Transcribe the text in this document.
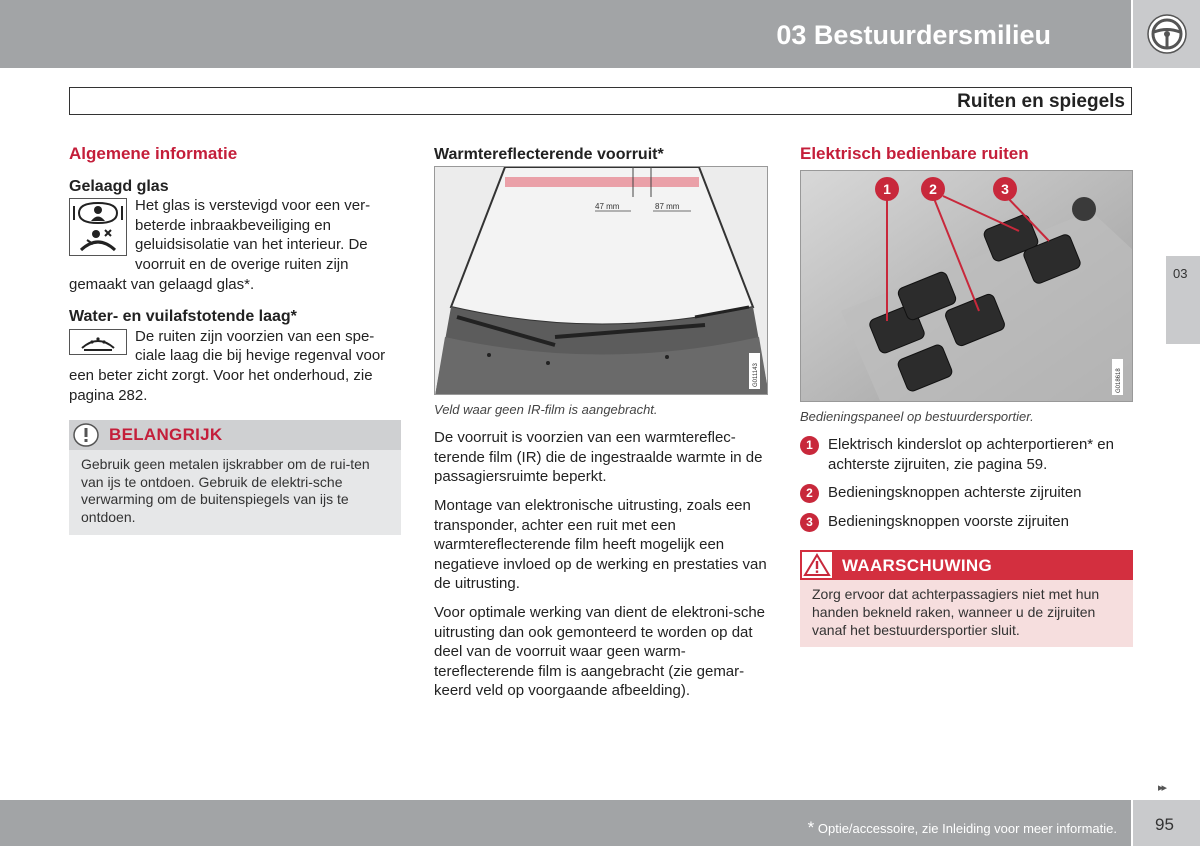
03 Bestuurdersmilieu
Ruiten en spiegels
03
Algemene informatie
Gelaagd glas
Het glas is verstevigd voor een ver-beterde inbraakbeveiliging en geluidsisolatie van het interieur. De voorruit en de overige ruiten zijn
gemaakt van gelaagd glas*.
Water- en vuilafstotende laag*
De ruiten zijn voorzien van een spe-ciale laag die bij hevige regenval voor een beter zicht zorgt. Voor het onderhoud, zie pagina 282.
BELANGRIJK
Gebruik geen metalen ijskrabber om de rui-ten van ijs te ontdoen. Gebruik de elektri-sche verwarming om de buitenspiegels van ijs te ontdoen.
Warmtereflecterende voorruit*
47 mm	87 mm
G011143
Veld waar geen IR-film is aangebracht.

De voorruit is voorzien van een warmtereflec-terende film (IR) die de ingestraalde warmte in de passagiersruimte beperkt.

Montage van elektronische uitrusting, zoals een transponder, achter een ruit met een warmtereflecterende film heeft mogelijk een negatieve invloed op de werking en prestaties van de uitrusting.

Voor optimale werking van dient de elektroni-sche uitrusting dan ook gemonteerd te worden op dat deel van de voorruit waar geen warm-tereflecterende film is aangebracht (zie gemar-keerd veld op voorgaande afbeelding).

Elektrisch bedienbare ruiten
1	2	3
G018618
Bedieningspaneel op bestuurdersportier.
1	Elektrisch kinderslot op achterportieren* en achterste zijruiten, zie pagina 59.
2	Bedieningsknoppen achterste zijruiten
3	Bedieningsknoppen voorste zijruiten
WAARSCHUWING
Zorg ervoor dat achterpassagiers niet met hun handen bekneld raken, wanneer u de zijruiten vanaf het bestuurdersportier sluit.
▸▸
* Optie/accessoire, zie Inleiding voor meer informatie. 95
